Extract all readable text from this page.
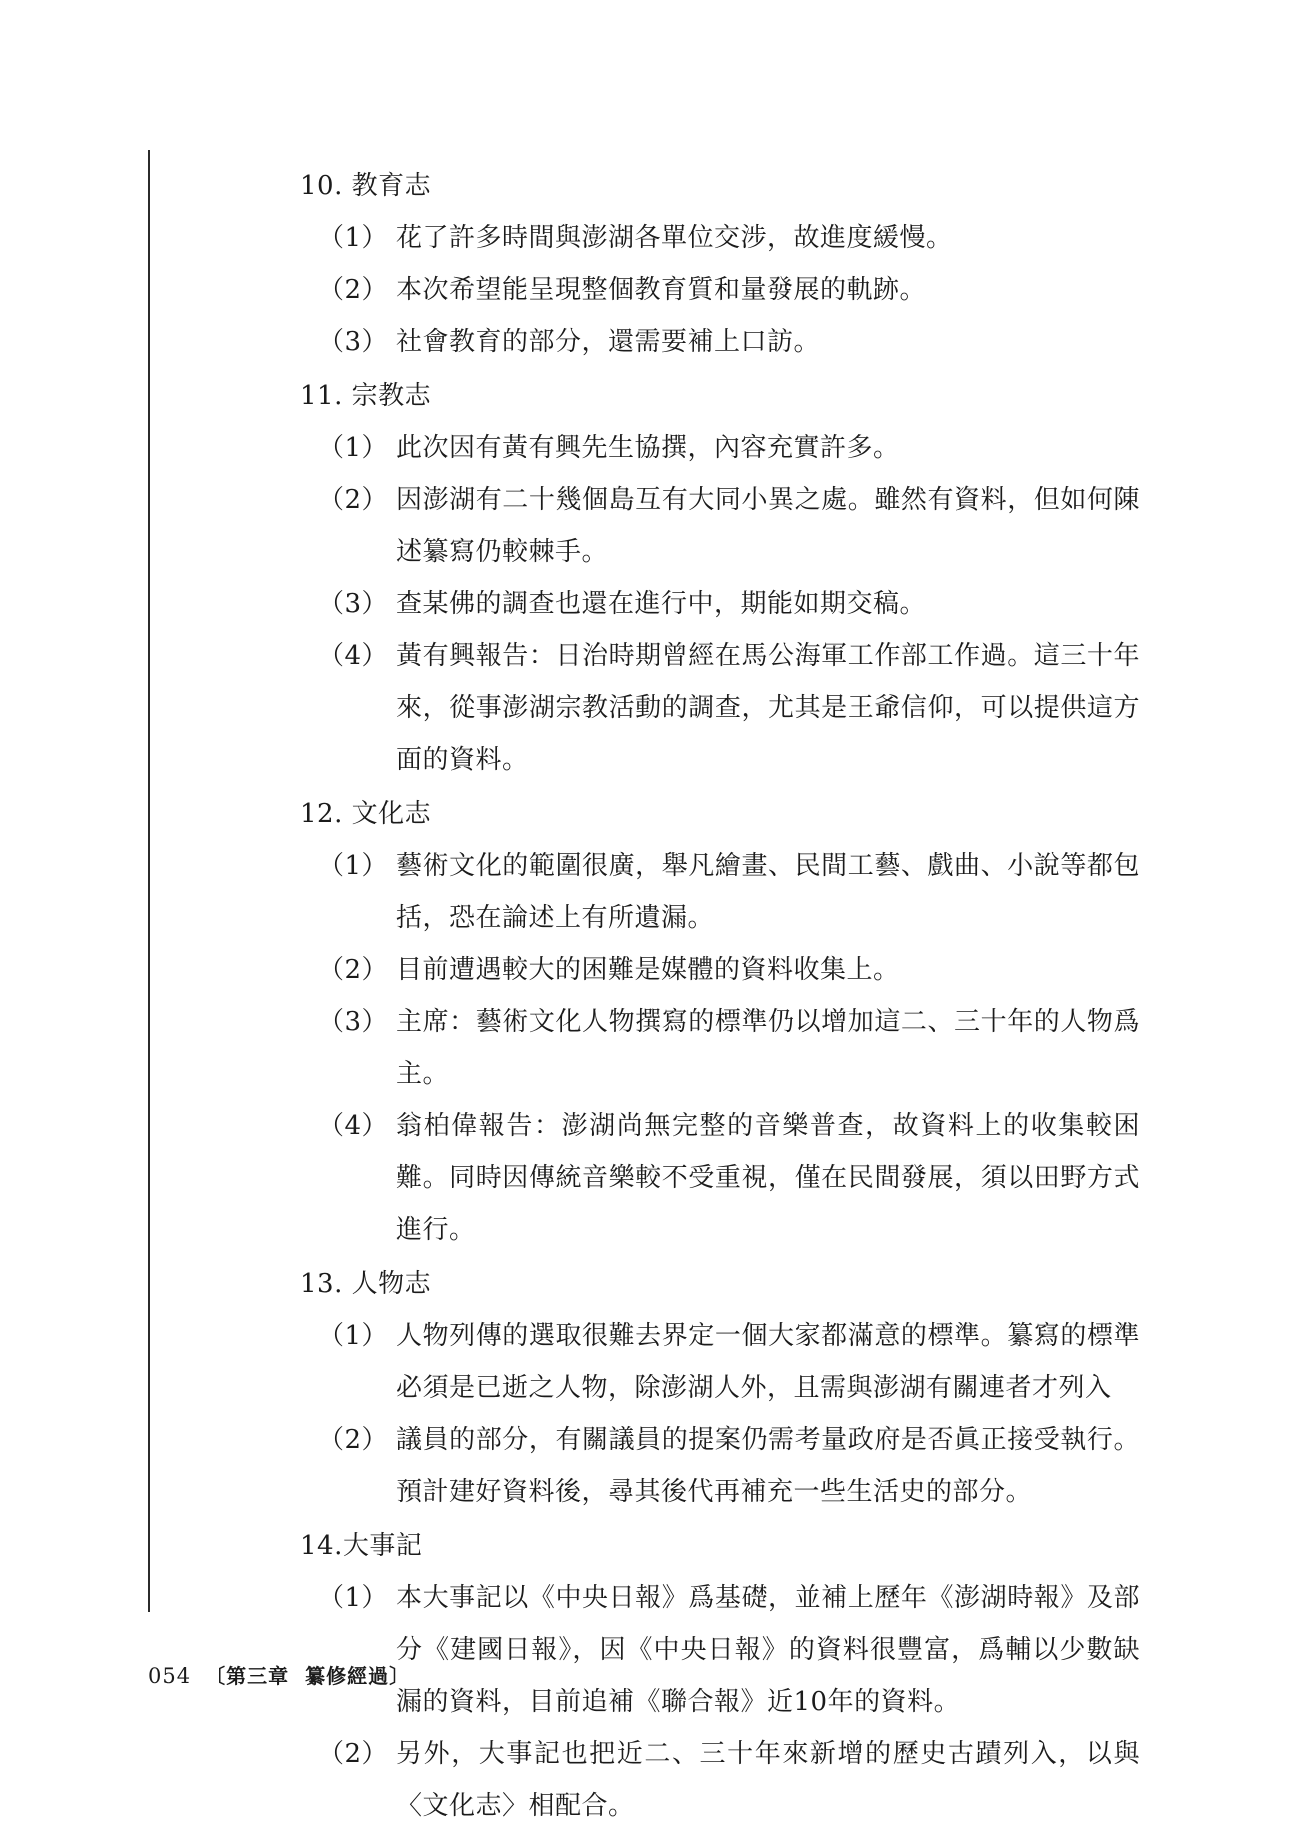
10. 教育志
（1） 花了許多時間與澎湖各單位交涉，故進度緩慢。
（2） 本次希望能呈現整個教育質和量發展的軌跡。
（3） 社會教育的部分，還需要補上口訪。
11. 宗教志
（1） 此次因有黃有興先生協撰，內容充實許多。
（2） 因澎湖有二十幾個島互有大同小異之處。雖然有資料，但如何陳述纂寫仍較棘手。
（3） 查某佛的調查也還在進行中，期能如期交稿。
（4） 黃有興報告：日治時期曾經在馬公海軍工作部工作過。這三十年來，從事澎湖宗教活動的調查，尤其是王爺信仰，可以提供這方面的資料。
12. 文化志
（1） 藝術文化的範圍很廣，舉凡繪畫、民間工藝、戲曲、小說等都包括，恐在論述上有所遺漏。
（2） 目前遭遇較大的困難是媒體的資料收集上。
（3） 主席：藝術文化人物撰寫的標準仍以增加這二、三十年的人物爲主。
（4） 翁柏偉報告：澎湖尚無完整的音樂普查，故資料上的收集較困難。同時因傳統音樂較不受重視，僅在民間發展，須以田野方式進行。
13. 人物志
（1） 人物列傳的選取很難去界定一個大家都滿意的標準。纂寫的標準必須是已逝之人物，除澎湖人外，且需與澎湖有關連者才列入
（2） 議員的部分，有關議員的提案仍需考量政府是否眞正接受執行。預計建好資料後，尋其後代再補充一些生活史的部分。
14.大事記
（1） 本大事記以《中央日報》爲基礎，並補上歷年《澎湖時報》及部分《建國日報》，因《中央日報》的資料很豐富，爲輔以少數缺漏的資料，目前追補《聯合報》近10年的資料。
（2） 另外，大事記也把近二、三十年來新增的歷史古蹟列入，以與〈文化志〉相配合。
054 〔第三章 纂修經過〕
